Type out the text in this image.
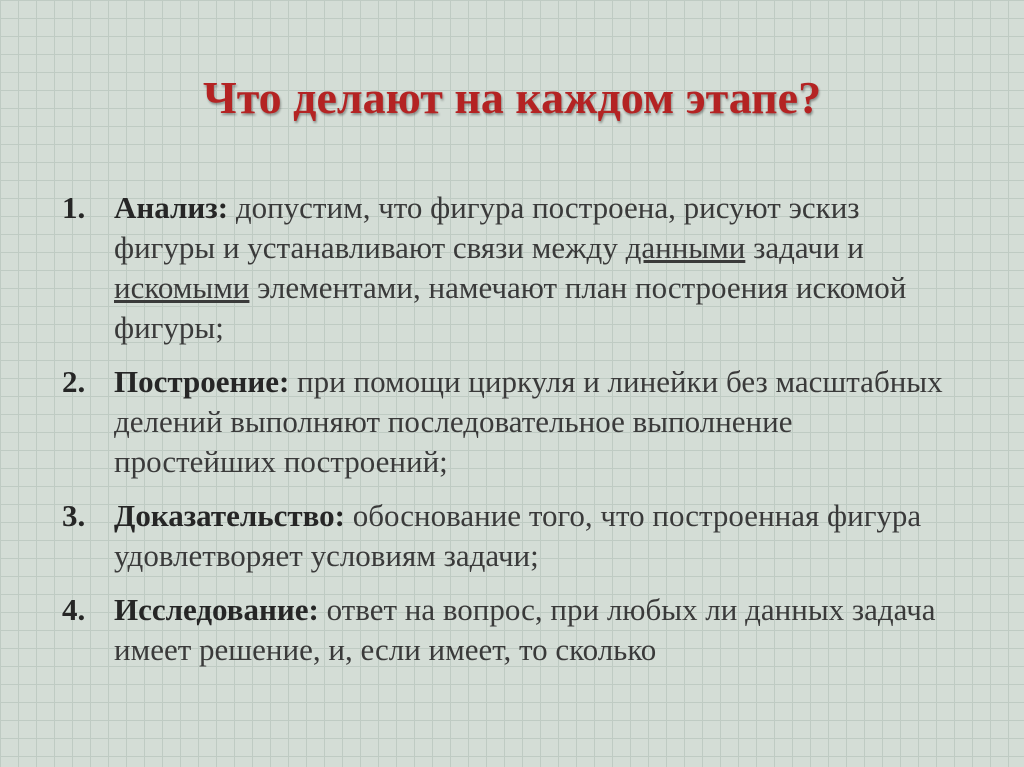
Что делают на каждом этапе?
1. Анализ: допустим, что фигура построена, рисуют эскиз фигуры и устанавливают связи между данными задачи и искомыми элементами, намечают план построения искомой фигуры;
2. Построение: при помощи циркуля и линейки без масштабных делений выполняют последовательное выполнение простейших построений;
3. Доказательство: обоснование того, что построенная фигура удовлетворяет условиям задачи;
4. Исследование: ответ на вопрос, при любых ли данных задача имеет решение, и, если имеет, то сколько
